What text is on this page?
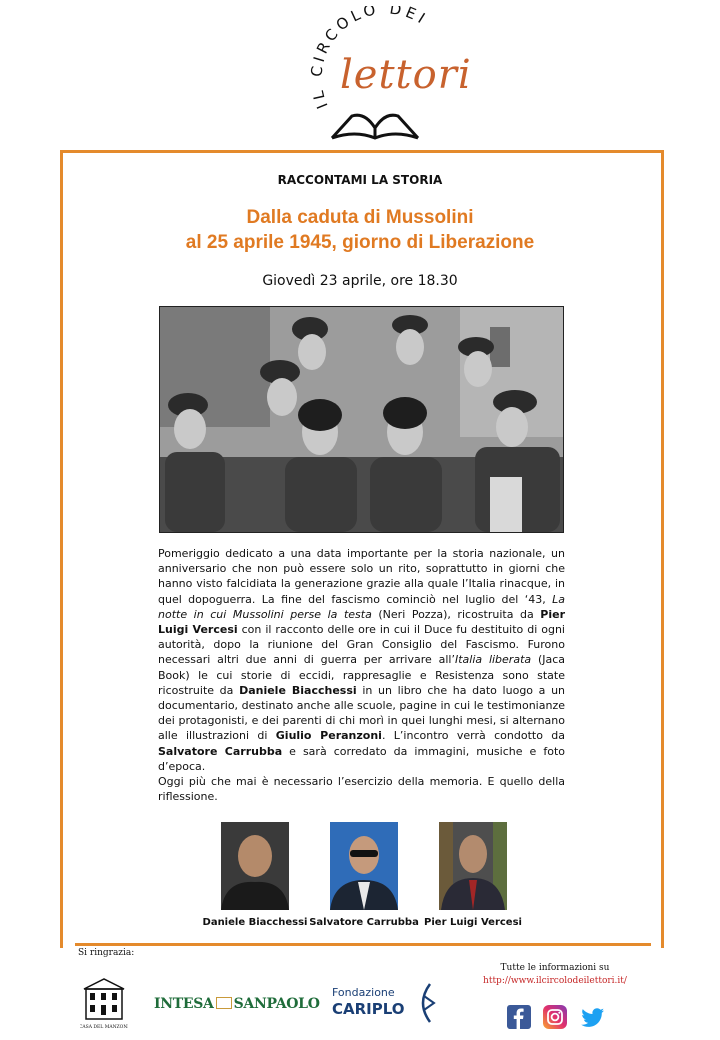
IL CIRCOLO DEI
lettori
RACCONTAMI LA STORIA
Dalla caduta di Mussolini
al 25 aprile 1945, giorno di Liberazione
Giovedì 23 aprile, ore 18.30
Pomeriggio dedicato a una data importante per la storia nazionale, un anniversario che non può essere solo un rito, soprattutto in giorni che hanno visto falcidiata la generazione grazie alla quale l’Italia rinacque, in quel dopoguerra. La fine del fascismo cominciò nel luglio del ‘43, La notte in cui Mussolini perse la testa (Neri Pozza), ricostruita da Pier Luigi Vercesi con il racconto delle ore in cui il Duce fu destituito di ogni autorità, dopo la riunione del Gran Consiglio del Fascismo. Furono necessari altri due anni di guerra per arrivare all’Italia liberata (Jaca Book) le cui storie di eccidi, rappresaglie e Resistenza sono state ricostruite da Daniele Biacchessi in un libro che ha dato luogo a un documentario, destinato anche alle scuole, pagine in cui le testimonianze dei protagonisti, e dei parenti di chi morì in quei lunghi mesi, si alternano alle illustrazioni di Giulio Peranzoni. L’incontro verrà condotto da Salvatore Carrubba e sarà corredato da immagini, musiche e foto d’epoca.
Oggi più che mai è necessario l’esercizio della memoria. E quello della riflessione.
Daniele Biacchessi Salvatore Carrubba Pier Luigi Vercesi
Si ringrazia:
CASA DEL MANZONI
INTESA SANPAOLO
Fondazione
CARIPLO
Tutte le informazioni su
http://www.ilcircolodeilettori.it/
